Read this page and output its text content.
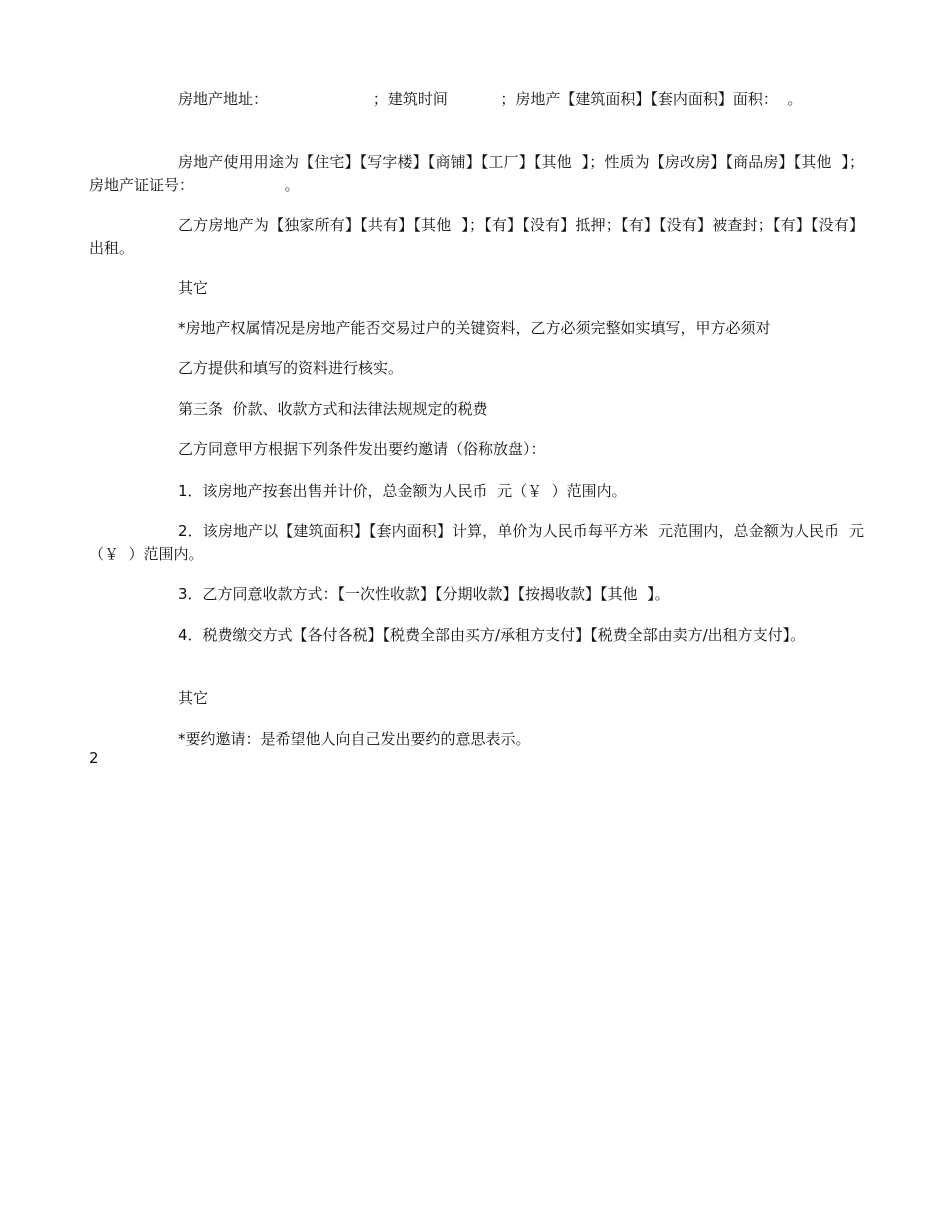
房地产地址：                      ；建筑时间           ；房地产【建筑面积】【套内面积】面积：  。

房地产使用用途为【住宅】【写字楼】【商铺】【工厂】【其他  】；性质为【房改房】【商品房】【其他  】；房地产证证号：                   。

乙方房地产为【独家所有】【共有】【其他  】；【有】【没有】抵押；【有】【没有】被查封；【有】【没有】出租。

其它

*房地产权属情况是房地产能否交易过户的关键资料，乙方必须完整如实填写，甲方必须对

乙方提供和填写的资料进行核实。

第三条  价款、收款方式和法律法规规定的税费

乙方同意甲方根据下列条件发出要约邀请（俗称放盘）：

1．该房地产按套出售并计价，总金额为人民币  元（￥  ）范围内。

2．该房地产以【建筑面积】【套内面积】计算，单价为人民币每平方米  元范围内，总金额为人民币  元（￥  ）范围内。

3．乙方同意收款方式：【一次性收款】【分期收款】【按揭收款】【其他  】。

4．税费缴交方式【各付各税】【税费全部由买方/承租方支付】【税费全部由卖方/出租方支付】。

其它

*要约邀请：是希望他人向自己发出要约的意思表示。

2
